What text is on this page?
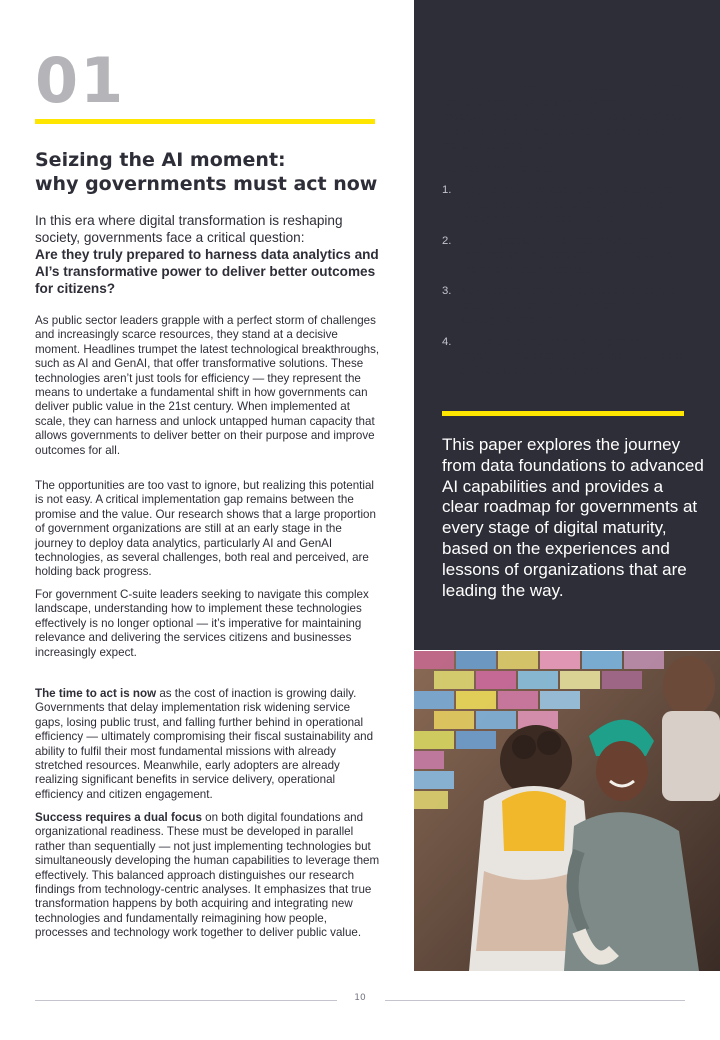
01
Seizing the AI moment:
why governments must act now
In this era where digital transformation is reshaping society, governments face a critical question:
Are they truly prepared to harness data analytics and AI’s transformative power to deliver better outcomes for citizens?

As public sector leaders grapple with a perfect storm of challenges and increasingly scarce resources, they stand at a decisive moment. Headlines trumpet the latest technological breakthroughs, such as AI and GenAI, that offer transformative solutions. These technologies aren’t just tools for efficiency — they represent the means to undertake a fundamental shift in how governments can deliver public value in the 21st century. When implemented at scale, they can harness and unlock untapped human capacity that allows governments to deliver better on their purpose and improve outcomes for all.

The opportunities are too vast to ignore, but realizing this potential is not easy. A critical implementation gap remains between the promise and the value. Our research shows that a large proportion of government organizations are still at an early stage in the journey to deploy data analytics, particularly AI and GenAI technologies, as several challenges, both real and perceived, are holding back progress.

For government C-suite leaders seeking to navigate this complex landscape, understanding how to implement these technologies effectively is no longer optional — it’s imperative for maintaining relevance and delivering the services citizens and businesses increasingly expect.

The time to act is now as the cost of inaction is growing daily. Governments that delay implementation risk widening service gaps, losing public trust, and falling further behind in operational efficiency — ultimately compromising their fiscal sustainability and ability to fulfil their most fundamental missions with already stretched resources. Meanwhile, early adopters are already realizing significant benefits in service delivery, operational efficiency and citizen engagement.

Success requires a dual focus on both digital foundations and organizational readiness. These must be developed in parallel rather than sequentially — not just implementing technologies but simultaneously developing the human capabilities to leverage them effectively. This balanced approach distinguishes our research findings from technology-centric analyses. It emphasizes that true transformation happens by both acquiring and integrating new technologies and fundamentally reimagining how people, processes and technology work together to deliver public value.

This paper offers strategic recommendations for government leaders on how their organizations can unlock the full potential of data and AI to improve their operations and deliver more value for citizens.

Our research provides:

1. Insights into how leading organizations are capturing tangible benefits from data and AI through real-world applications
2. A clear assessment of implementation progress and the persistent challenges that are holding back progress
3. Key lessons from early success stories and leading practices that can inform their strategic approach
4. A practical guide for advancing their organization’s data and AI capabilities across all five essential foundations
This paper explores the journey from data foundations to advanced AI capabilities and provides a clear roadmap for governments at every stage of digital maturity, based on the experiences and lessons of organizations that are leading the way.
10
